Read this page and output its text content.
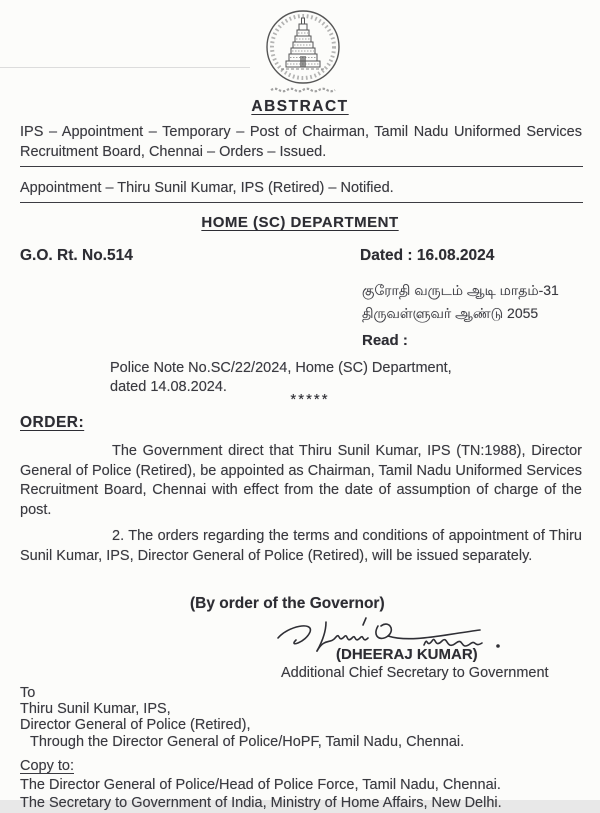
ABSTRACT
IPS – Appointment – Temporary – Post of Chairman, Tamil Nadu Uniformed Services Recruitment Board, Chennai – Orders – Issued.
Appointment – Thiru Sunil Kumar, IPS (Retired) – Notified.
HOME (SC) DEPARTMENT
G.O. Rt. No.514	Dated : 16.08.2024
குரோதி வருடம் ஆடி மாதம்-31
திருவள்ளுவர் ஆண்டு 2055
Read :
Police Note No.SC/22/2024, Home (SC) Department,
dated 14.08.2024.
*****
ORDER:
The Government direct that Thiru Sunil Kumar, IPS (TN:1988), Director General of Police (Retired), be appointed as Chairman, Tamil Nadu Uniformed Services Recruitment Board, Chennai with effect from the date of assumption of charge of the post.
2. The orders regarding the terms and conditions of appointment of Thiru Sunil Kumar, IPS, Director General of Police (Retired), will be issued separately.
(By order of the Governor)
(DHEERAJ KUMAR)
Additional Chief Secretary to Government
To
Thiru Sunil Kumar, IPS,
Director General of Police (Retired),
Through the Director General of Police/HoPF, Tamil Nadu, Chennai.
Copy to:
The Director General of Police/Head of Police Force, Tamil Nadu, Chennai.
The Secretary to Government of India, Ministry of Home Affairs, New Delhi.
